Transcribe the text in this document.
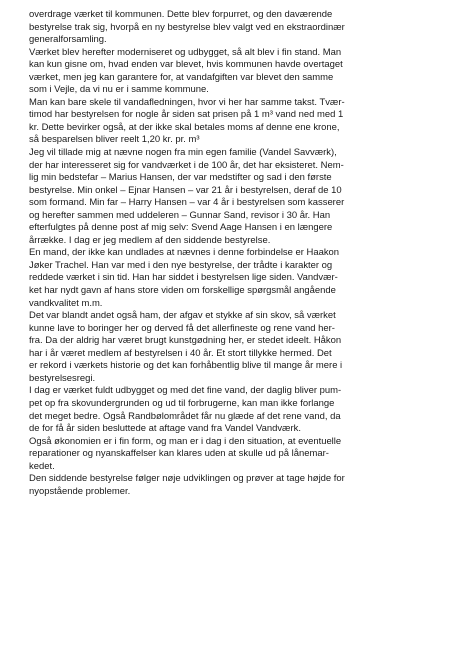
overdrage værket til kommunen. Dette blev forpurret, og den daværende
bestyrelse trak sig, hvorpå en ny bestyrelse blev valgt ved en ekstraordinær
generalforsamling.
Værket blev herefter moderniseret og udbygget, så alt blev i fin stand. Man
kan kun gisne om, hvad enden var blevet, hvis kommunen havde overtaget
værket, men jeg kan garantere for, at vandafgiften var blevet den samme
som i Vejle, da vi nu er i samme kommune.
Man kan bare skele til vandafledningen, hvor vi her har samme takst. Tvær-
timod har bestyrelsen for nogle år siden sat prisen på 1 m³ vand ned med 1
kr. Dette bevirker også, at der ikke skal betales moms af denne ene krone,
så besparelsen bliver reelt 1,20 kr. pr. m³
Jeg vil tillade mig at nævne nogen fra min egen familie (Vandel Savværk),
der har interesseret sig for vandværket i de 100 år, det har eksisteret. Nem-
lig min bedstefar – Marius Hansen, der var medstifter og sad i den første
bestyrelse. Min onkel – Ejnar Hansen – var 21 år i bestyrelsen, deraf de 10
som formand. Min far – Harry Hansen – var 4 år i bestyrelsen som kasserer
og herefter sammen med uddeleren – Gunnar Sand, revisor i 30 år. Han
efterfulgtes på denne post af mig selv: Svend Aage Hansen i en længere
årrække. I dag er jeg medlem af den siddende bestyrelse.
En mand, der ikke kan undlades at nævnes i denne forbindelse er Haakon
Jøker Trachel. Han var med i den nye bestyrelse, der trådte i karakter og
reddede værket i sin tid. Han har siddet i bestyrelsen lige siden. Vandvær-
ket har nydt gavn af hans store viden om forskellige spørgsmål angående
vandkvalitet m.m.
Det var blandt andet også ham, der afgav et stykke af sin skov, så værket
kunne lave to boringer her og derved få det allerfineste og rene vand her-
fra. Da der aldrig har været brugt kunstgødning her, er stedet ideelt. Håkon
har i år været medlem af bestyrelsen i 40 år. Et stort tillykke hermed. Det
er rekord i værkets historie og det kan forhåbentlig blive til mange år mere i
bestyrelsesregi.
I dag er værket fuldt udbygget og med det fine vand, der daglig bliver pum-
pet op fra skovundergrunden og ud til forbrugerne, kan man ikke forlange
det meget bedre. Også Randbølområdet får nu glæde af det rene vand, da
de for få år siden besluttede at aftage vand fra Vandel Vandværk.
Også økonomien er i fin form, og man er i dag i den situation, at eventuelle
reparationer og nyanskaffelser kan klares uden at skulle ud på lånemar-
kedet.
Den siddende bestyrelse følger nøje udviklingen og prøver at tage højde for
nyopstående problemer.
